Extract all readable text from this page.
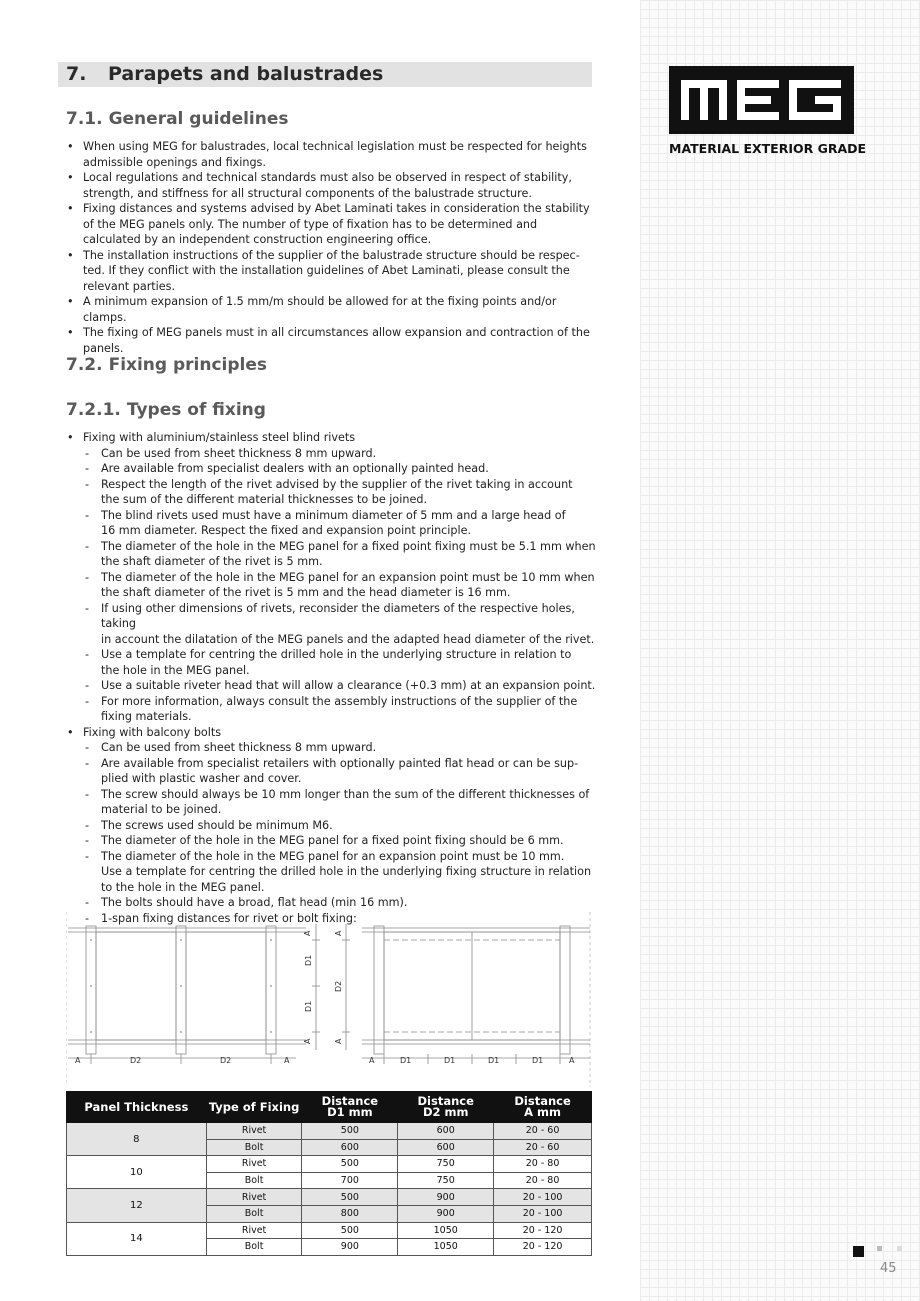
7. Parapets and balustrades
7.1. General guidelines
• When using MEG for balustrades, local technical legislation must be respected for heights
admissible openings and fixings.
• Local regulations and technical standards must also be observed in respect of stability,
strength, and stiffness for all structural components of the balustrade structure.
• Fixing distances and systems advised by Abet Laminati takes in consideration the stability
of the MEG panels only. The number of type of fixation has to be determined and
calculated by an independent construction engineering office.
• The installation instructions of the supplier of the balustrade structure should be respec-
ted. If they conflict with the installation guidelines of Abet Laminati, please consult the
relevant parties.
• A minimum expansion of 1.5 mm/m should be allowed for at the fixing points and/or clamps.
• The fixing of MEG panels must in all circumstances allow expansion and contraction of the
panels.
7.2. Fixing principles
7.2.1. Types of fixing
• Fixing with aluminium/stainless steel blind rivets
- Can be used from sheet thickness 8 mm upward.
- Are available from specialist dealers with an optionally painted head.
- Respect the length of the rivet advised by the supplier of the rivet taking in account
the sum of the different material thicknesses to be joined.
- The blind rivets used must have a minimum diameter of 5 mm and a large head of
16 mm diameter. Respect the fixed and expansion point principle.
- The diameter of the hole in the MEG panel for a fixed point fixing must be 5.1 mm when
the shaft diameter of the rivet is 5 mm.
- The diameter of the hole in the MEG panel for an expansion point must be 10 mm when
the shaft diameter of the rivet is 5 mm and the head diameter is 16 mm.
- If using other dimensions of rivets, reconsider the diameters of the respective holes, taking
in account the dilatation of the MEG panels and the adapted head diameter of the rivet.
- Use a template for centring the drilled hole in the underlying structure in relation to
the hole in the MEG panel.
- Use a suitable riveter head that will allow a clearance (+0.3 mm) at an expansion point.
- For more information, always consult the assembly instructions of the supplier of the
fixing materials.
• Fixing with balcony bolts
- Can be used from sheet thickness 8 mm upward.
- Are available from specialist retailers with optionally painted flat head or can be sup-
plied with plastic washer and cover.
- The screw should always be 10 mm longer than the sum of the different thicknesses of
material to be joined.
- The screws used should be minimum M6.
- The diameter of the hole in the MEG panel for a fixed point fixing should be 6 mm.
- The diameter of the hole in the MEG panel for an expansion point must be 10 mm.
Use a template for centring the drilled hole in the underlying fixing structure in relation
to the hole in the MEG panel.
- The bolts should have a broad, flat head (min 16 mm).
- 1-span fixing distances for rivet or bolt fixing:
A	D2	D2	A
A
D1
D1
A
A
D2
A
A	D1	D1	D1	D1	A
Panel Thickness	Type of Fixing	Distance
D1 mm	Distance
D2 mm	Distance
A mm
8	Rivet	500	600	20 - 60
	Bolt	600	600	20 - 60
10	Rivet	500	750	20 - 80
	Bolt	700	750	20 - 80
12	Rivet	500	900	20 - 100
	Bolt	800	900	20 - 100
14	Rivet	500	1050	20 - 120
	Bolt	900	1050	20 - 120
MATERIAL EXTERIOR GRADE
45
